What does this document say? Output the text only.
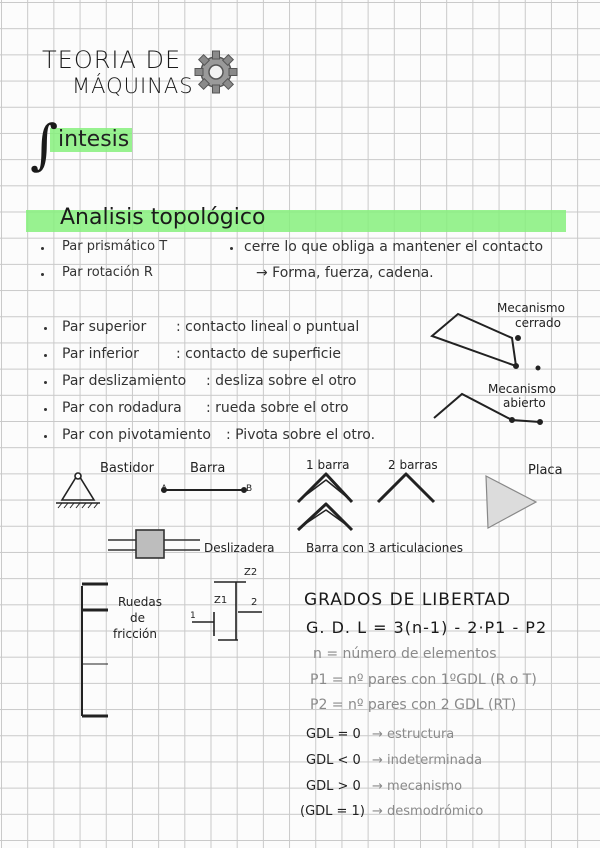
TEORIA DE
MÁQUINAS
∫ intesis
Analisis topológico
Par prismático T
Par rotación R
cerre lo que obliga a mantener el contacto
→ Forma, fuerza, cadena.
Par superior : contacto lineal o puntual
Par inferior	: contacto de superficie
Par deslizamiento : desliza sobre el otro
Par con rodadura : rueda sobre el otro
Par con pivotamiento : Pivota sobre el otro.
Mecanismo
cerrado
Mecanismo
abierto
Bastidor	Barra
B
1 barra	2 barras	Placa
Deslizadera	Barra con 3 articulaciones
Ruedas
de
fricción
Z2
Z1
1
2	GRADOS DE LIBERTAD
G. D. L = 3(n-1) - 2·P1 - P2
n = número de elementos
P1 = nº pares con 1ºGDL (R o T)
P2 = nº pares con 2 GDL (RT)
GDL = 0 → estructura
GDL < 0 → indeterminada
GDL > 0 → mecanismo
(GDL = 1) → desmodrómico
